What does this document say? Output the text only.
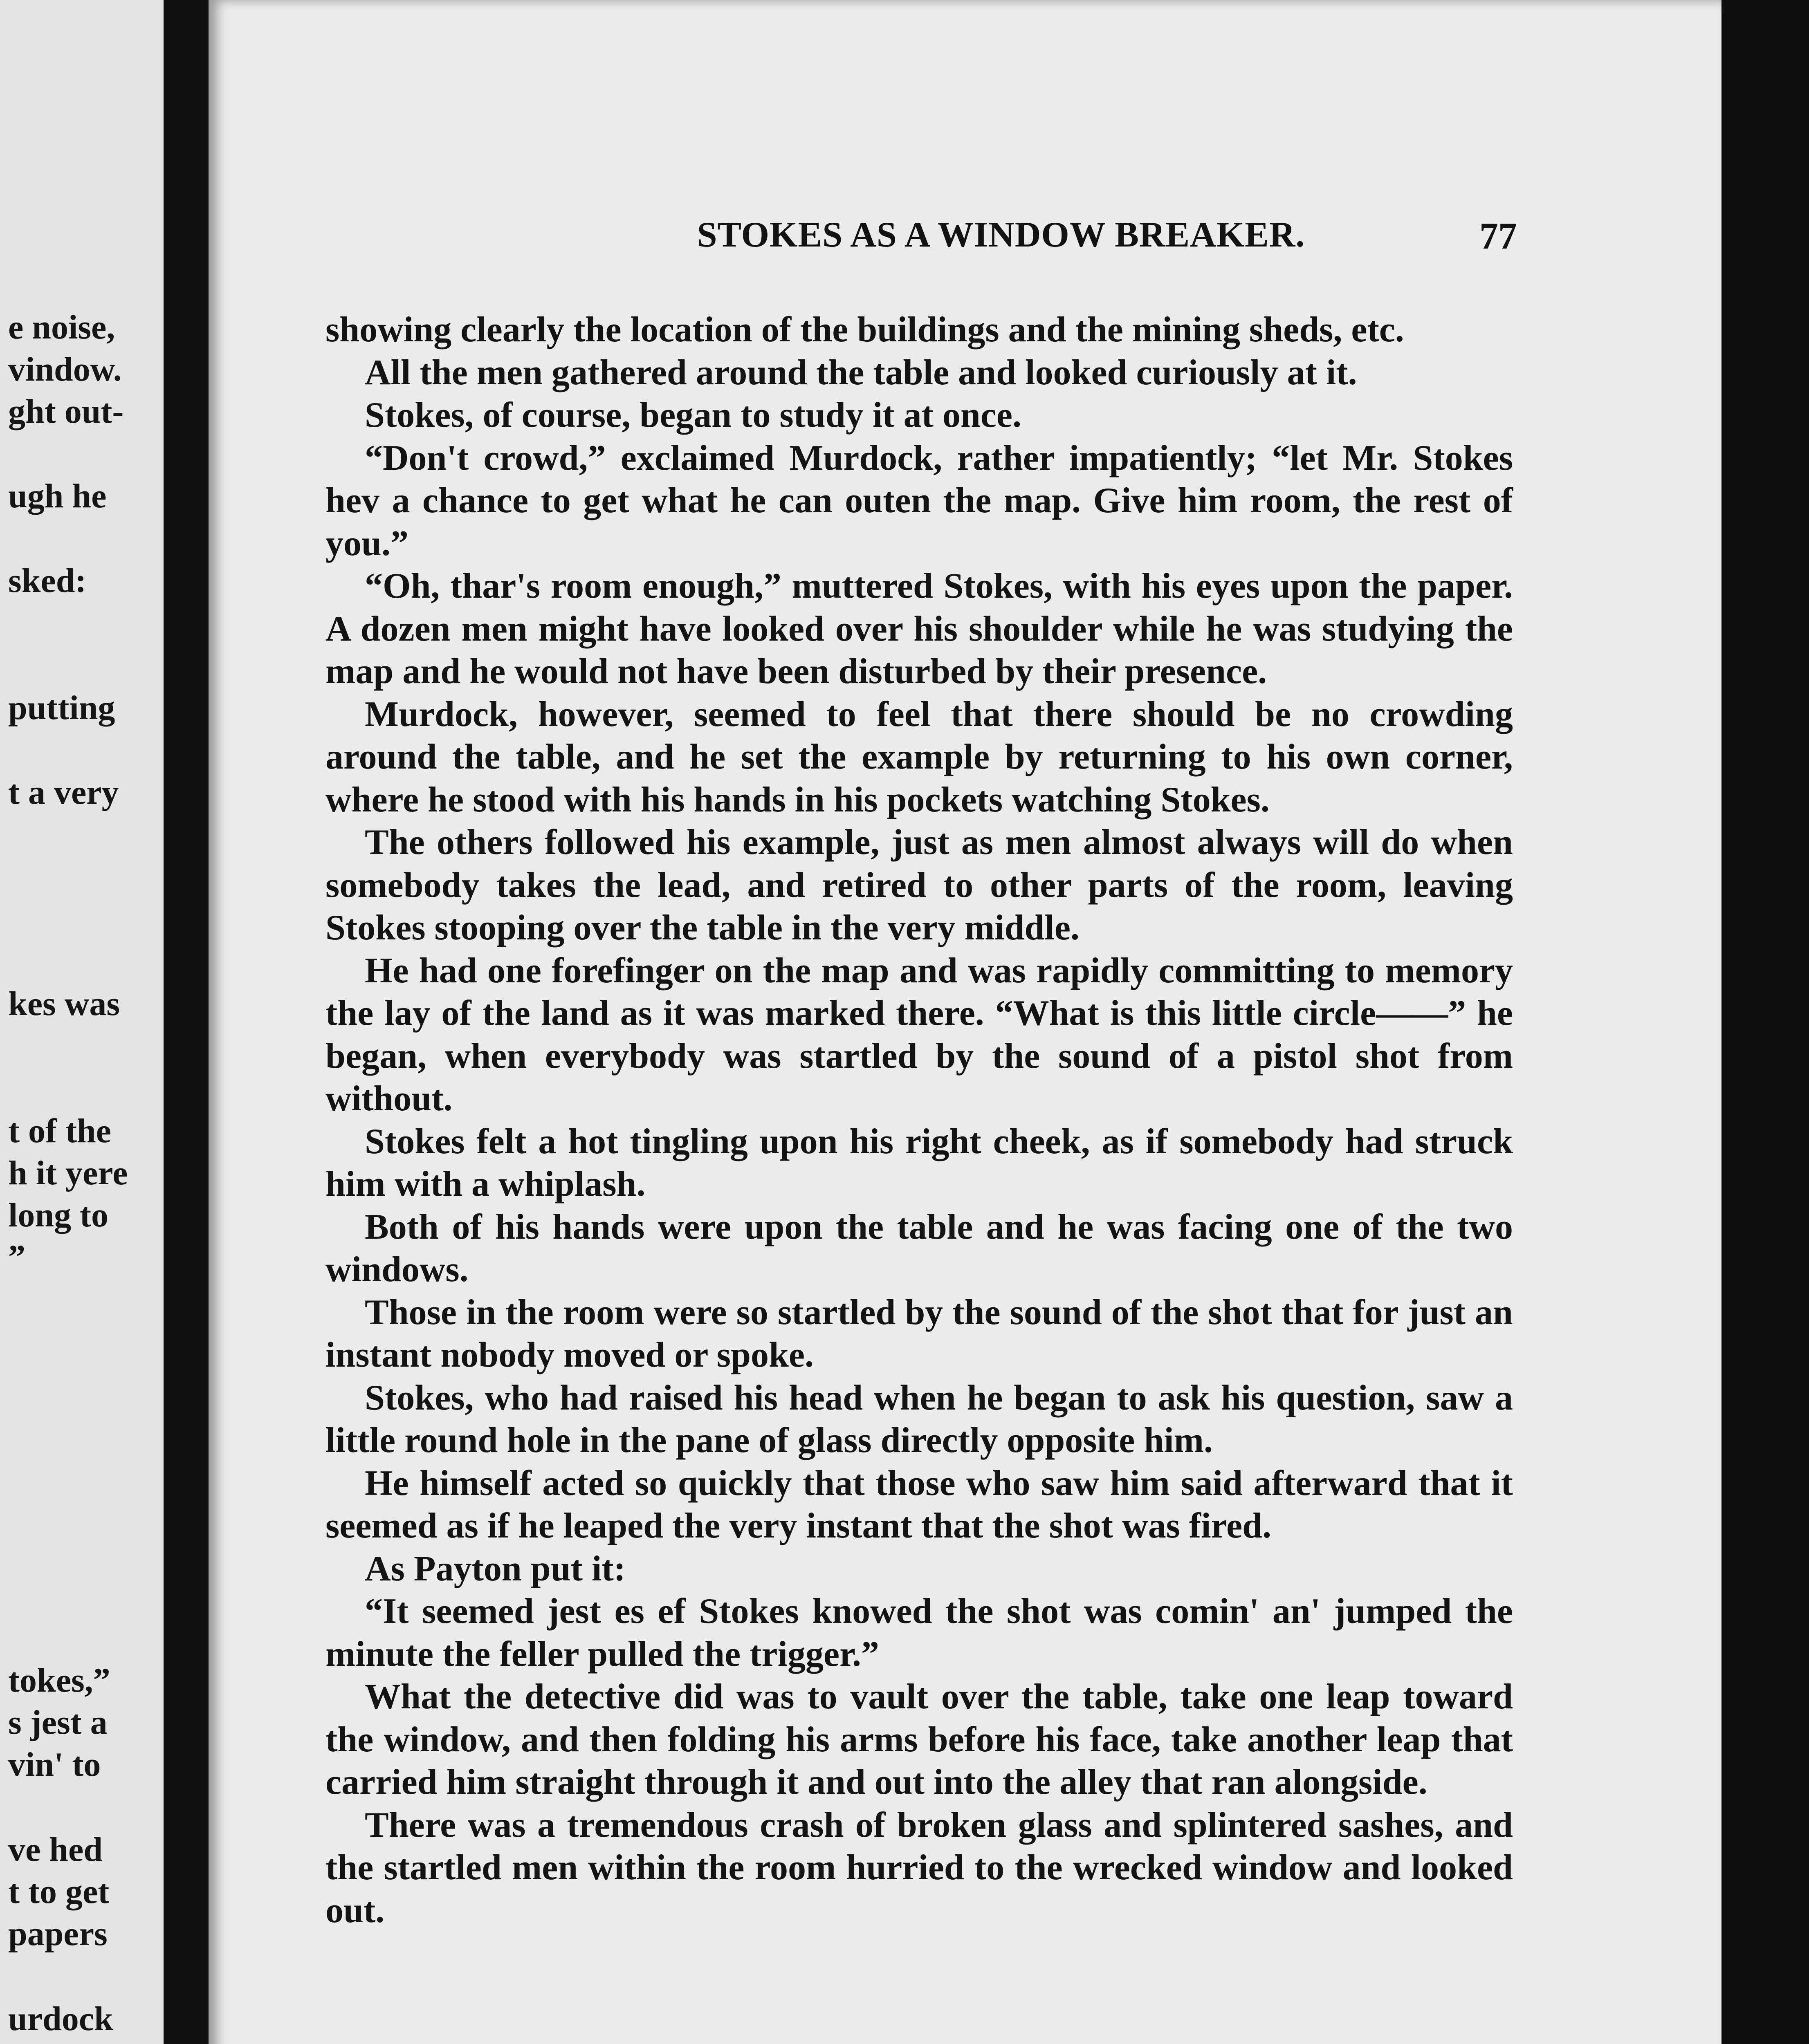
e noise,
vindow.
ght out-
ugh he
sked:
putting
t a very
kes was
t of the
h it yere
long to
”
tokes,”
s jest a
vin' to
ve hed
t to get
papers
urdock
STOKES AS A WINDOW BREAKER.	77

showing clearly the location of the buildings and the mining sheds, etc.

All the men gathered around the table and looked curiously at it.

Stokes, of course, began to study it at once.

“Don't crowd,” exclaimed Murdock, rather impatiently; “let Mr. Stokes hev a chance to get what he can outen the map. Give him room, the rest of you.”

“Oh, thar's room enough,” muttered Stokes, with his eyes upon the paper. A dozen men might have looked over his shoulder while he was studying the map and he would not have been disturbed by their presence.

Murdock, however, seemed to feel that there should be no crowding around the table, and he set the example by returning to his own corner, where he stood with his hands in his pockets watching Stokes.

The others followed his example, just as men almost always will do when somebody takes the lead, and retired to other parts of the room, leaving Stokes stooping over the table in the very middle.

He had one forefinger on the map and was rapidly committing to memory the lay of the land as it was marked there. “What is this little circle——” he began, when everybody was startled by the sound of a pistol shot from without.

Stokes felt a hot tingling upon his right cheek, as if somebody had struck him with a whiplash.

Both of his hands were upon the table and he was facing one of the two windows.

Those in the room were so startled by the sound of the shot that for just an instant nobody moved or spoke.

Stokes, who had raised his head when he began to ask his question, saw a little round hole in the pane of glass directly opposite him.

He himself acted so quickly that those who saw him said afterward that it seemed as if he leaped the very instant that the shot was fired.

As Payton put it:

“It seemed jest es ef Stokes knowed the shot was comin' an' jumped the minute the feller pulled the trigger.”

What the detective did was to vault over the table, take one leap toward the window, and then folding his arms before his face, take another leap that carried him straight through it and out into the alley that ran alongside.

There was a tremendous crash of broken glass and splintered sashes, and the startled men within the room hurried to the wrecked window and looked out.
